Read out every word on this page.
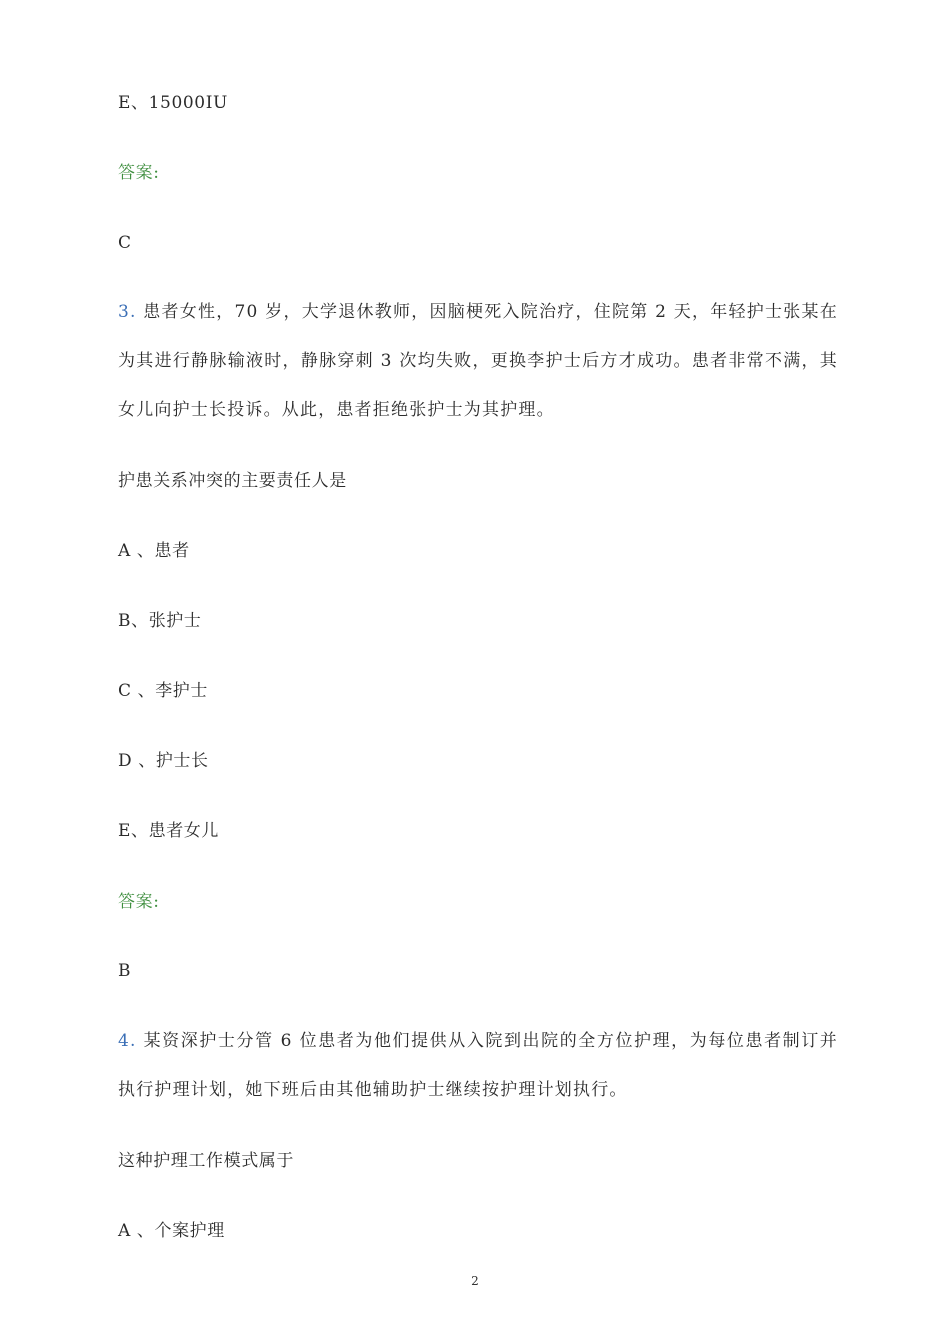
E、15000IU
答案:
C
3. 患者女性，70 岁，大学退休教师，因脑梗死入院治疗，住院第 2 天，年轻护士张某在为其进行静脉输液时，静脉穿刺 3 次均失败，更换李护士后方才成功。患者非常不满，其女儿向护士长投诉。从此，患者拒绝张护士为其护理。
护患关系冲突的主要责任人是
A 、患者
B、张护士
C 、李护士
D 、护士长
E、患者女儿
答案:
B
4. 某资深护士分管 6 位患者为他们提供从入院到出院的全方位护理，为每位患者制订并执行护理计划，她下班后由其他辅助护士继续按护理计划执行。
这种护理工作模式属于
A 、个案护理
2
